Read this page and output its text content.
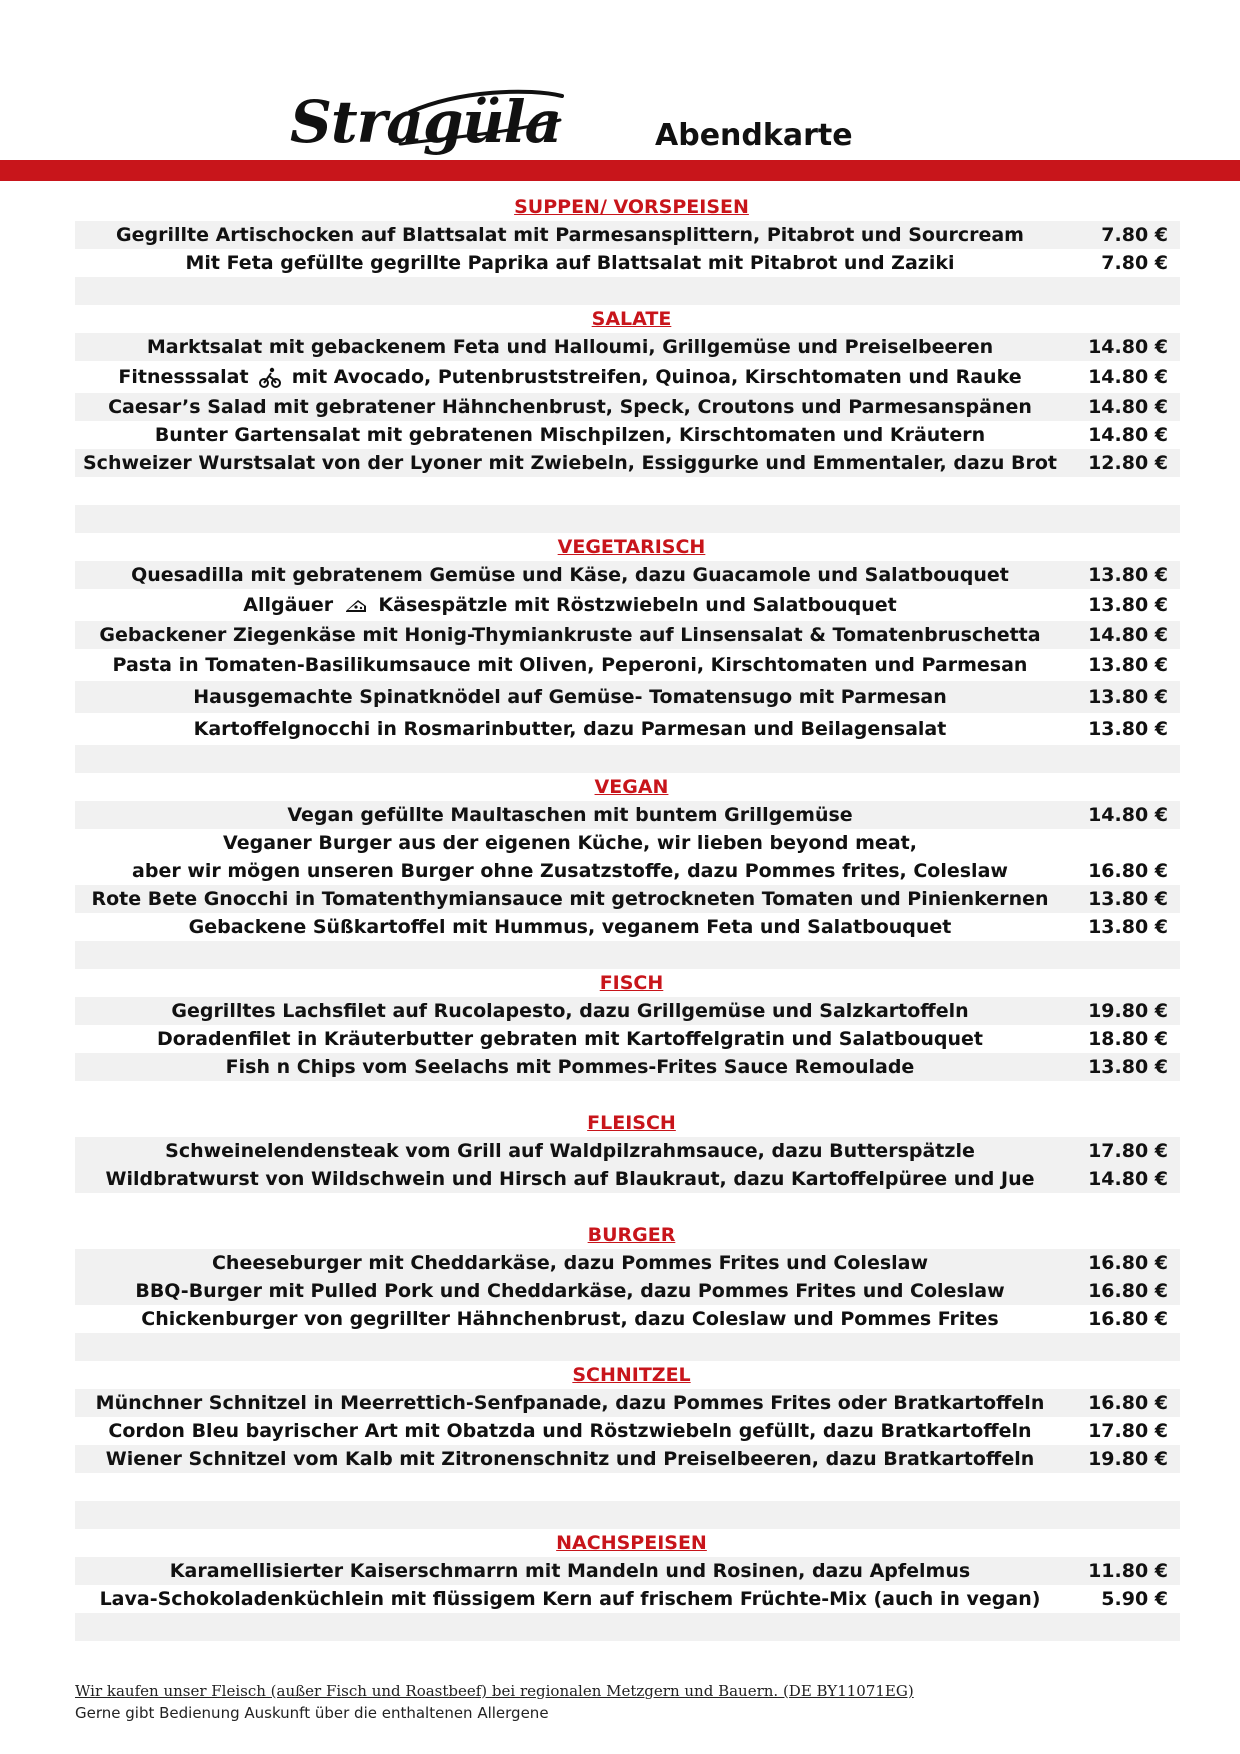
Stragüla	Abendkarte
SUPPEN/ VORSPEISEN
Gegrillte Artischocken auf Blattsalat mit Parmesansplittern, Pitabrot und Sourcream	7.80 €
Mit Feta gefüllte gegrillte Paprika auf Blattsalat mit Pitabrot und Zaziki	7.80 €
SALATE
Marktsalat mit gebackenem Feta und Halloumi, Grillgemüse und Preiselbeeren	14.80 €
Fitnesssalat mit Avocado, Putenbruststreifen, Quinoa, Kirschtomaten und Rauke	14.80 €
Caesar’s Salad mit gebratener Hähnchenbrust, Speck, Croutons und Parmesanspänen	14.80 €
Bunter Gartensalat mit gebratenen Mischpilzen, Kirschtomaten und Kräutern	14.80 €
Schweizer Wurstsalat von der Lyoner mit Zwiebeln, Essiggurke und Emmentaler, dazu Brot	12.80 €
VEGETARISCH
Quesadilla mit gebratenem Gemüse und Käse, dazu Guacamole und Salatbouquet	13.80 €
Allgäuer Käsespätzle mit Röstzwiebeln und Salatbouquet	13.80 €
Gebackener Ziegenkäse mit Honig-Thymiankruste auf Linsensalat & Tomatenbruschetta	14.80 €
Pasta in Tomaten-Basilikumsauce mit Oliven, Peperoni, Kirschtomaten und Parmesan	13.80 €
Hausgemachte Spinatknödel auf Gemüse- Tomatensugo mit Parmesan	13.80 €
Kartoffelgnocchi in Rosmarinbutter, dazu Parmesan und Beilagensalat	13.80 €
VEGAN
Vegan gefüllte Maultaschen mit buntem Grillgemüse	14.80 €
Veganer Burger aus der eigenen Küche, wir lieben beyond meat,
aber wir mögen unseren Burger ohne Zusatzstoffe, dazu Pommes frites, Coleslaw	16.80 €
Rote Bete Gnocchi in Tomatenthymiansauce mit getrockneten Tomaten und Pinienkernen	13.80 €
Gebackene Süßkartoffel mit Hummus, veganem Feta und Salatbouquet	13.80 €
FISCH
Gegrilltes Lachsfilet auf Rucolapesto, dazu Grillgemüse und Salzkartoffeln	19.80 €
Doradenfilet in Kräuterbutter gebraten mit Kartoffelgratin und Salatbouquet	18.80 €
Fish n Chips vom Seelachs mit Pommes-Frites Sauce Remoulade	13.80 €
FLEISCH
Schweinelendensteak vom Grill auf Waldpilzrahmsauce, dazu Butterspätzle	17.80 €
Wildbratwurst von Wildschwein und Hirsch auf Blaukraut, dazu Kartoffelpüree und Jue	14.80 €
BURGER
Cheeseburger mit Cheddarkäse, dazu Pommes Frites und Coleslaw	16.80 €
BBQ-Burger mit Pulled Pork und Cheddarkäse, dazu Pommes Frites und Coleslaw	16.80 €
Chickenburger von gegrillter Hähnchenbrust, dazu Coleslaw und Pommes Frites	16.80 €
SCHNITZEL
Münchner Schnitzel in Meerrettich-Senfpanade, dazu Pommes Frites oder Bratkartoffeln	16.80 €
Cordon Bleu bayrischer Art mit Obatzda und Röstzwiebeln gefüllt, dazu Bratkartoffeln	17.80 €
Wiener Schnitzel vom Kalb mit Zitronenschnitz und Preiselbeeren, dazu Bratkartoffeln	19.80 €
NACHSPEISEN
Karamellisierter Kaiserschmarrn mit Mandeln und Rosinen, dazu Apfelmus	11.80 €
Lava-Schokoladenküchlein mit flüssigem Kern auf frischem Früchte-Mix (auch in vegan)	5.90 €
Wir kaufen unser Fleisch (außer Fisch und Roastbeef) bei regionalen Metzgern und Bauern. (DE BY11071EG)
Gerne gibt Bedienung Auskunft über die enthaltenen Allergene
